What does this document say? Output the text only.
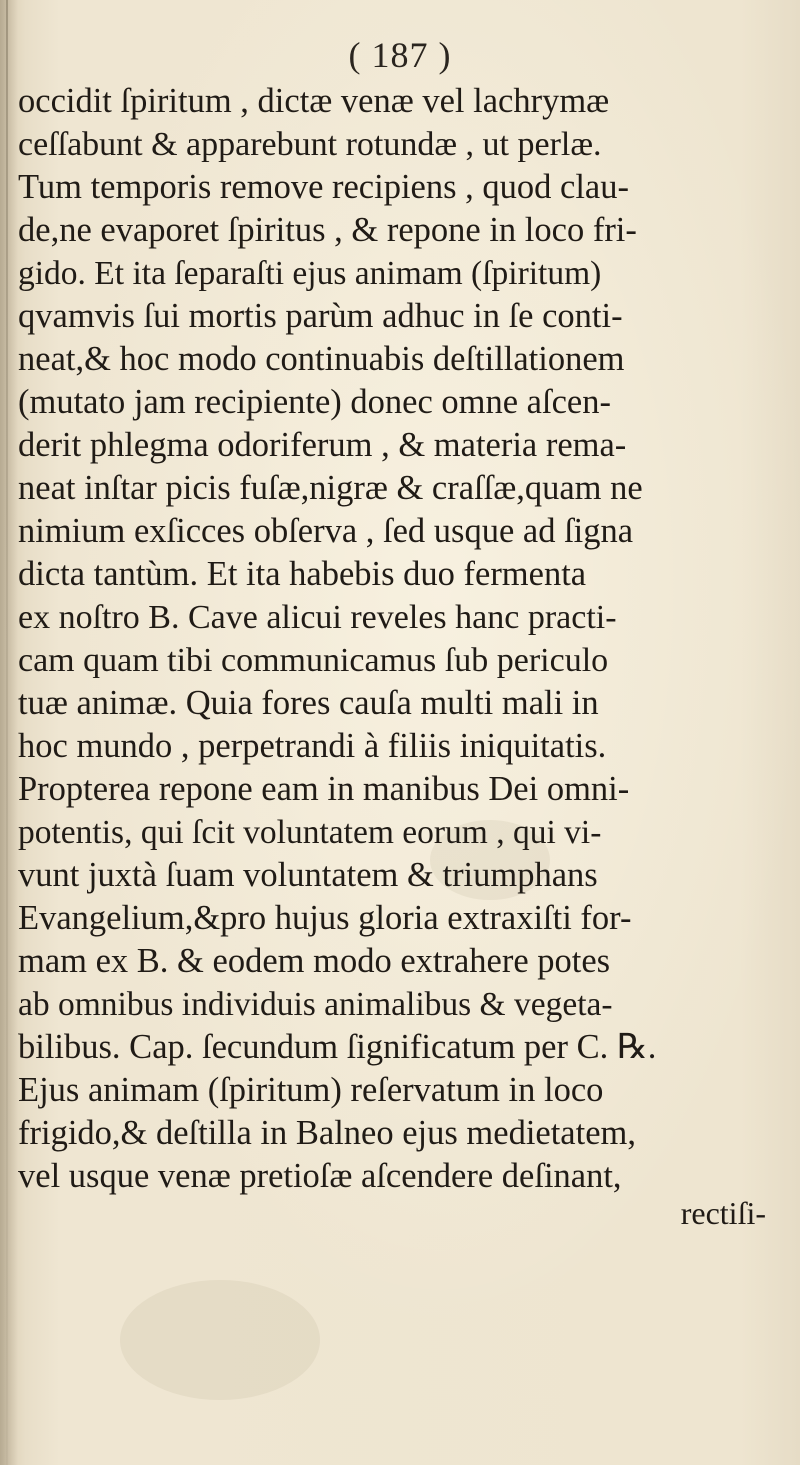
( 187 )
occidit ſpiritum , dictæ venæ vel lachrymæ
ceſſabunt & apparebunt rotundæ , ut perlæ.
Tum temporis remove recipiens , quod clau-
de,ne evaporet ſpiritus , & repone in loco fri-
gido. Et ita ſeparaſti ejus animam (ſpiritum)
qvamvis ſui mortis parùm adhuc in ſe conti-
neat,& hoc modo continuabis deſtillationem
(mutato jam recipiente) donec omne aſcen-
derit phlegma odoriferum , & materia rema-
neat inſtar picis fuſæ,nigræ & craſſæ,quam ne
nimium exſicces obſerva , ſed usque ad ſigna
dicta tantùm. Et ita habebis duo fermenta
ex noſtro B. Cave alicui reveles hanc practi-
cam quam tibi communicamus ſub periculo
tuæ animæ. Quia fores cauſa multi mali in
hoc mundo , perpetrandi à filiis iniquitatis.
Propterea repone eam in manibus Dei omni-
potentis, qui ſcit voluntatem eorum , qui vi-
vunt juxtà ſuam voluntatem & triumphans
Evangelium,&pro hujus gloria extraxiſti for-
mam ex B. & eodem modo extrahere potes
ab omnibus individuis animalibus & vegeta-
bilibus. Cap. ſecundum ſignificatum per C. ℞.
Ejus animam (ſpiritum) reſervatum in loco
frigido,& deſtilla in Balneo ejus medietatem,
vel usque venæ pretioſæ aſcendere deſinant,
rectiſi-
